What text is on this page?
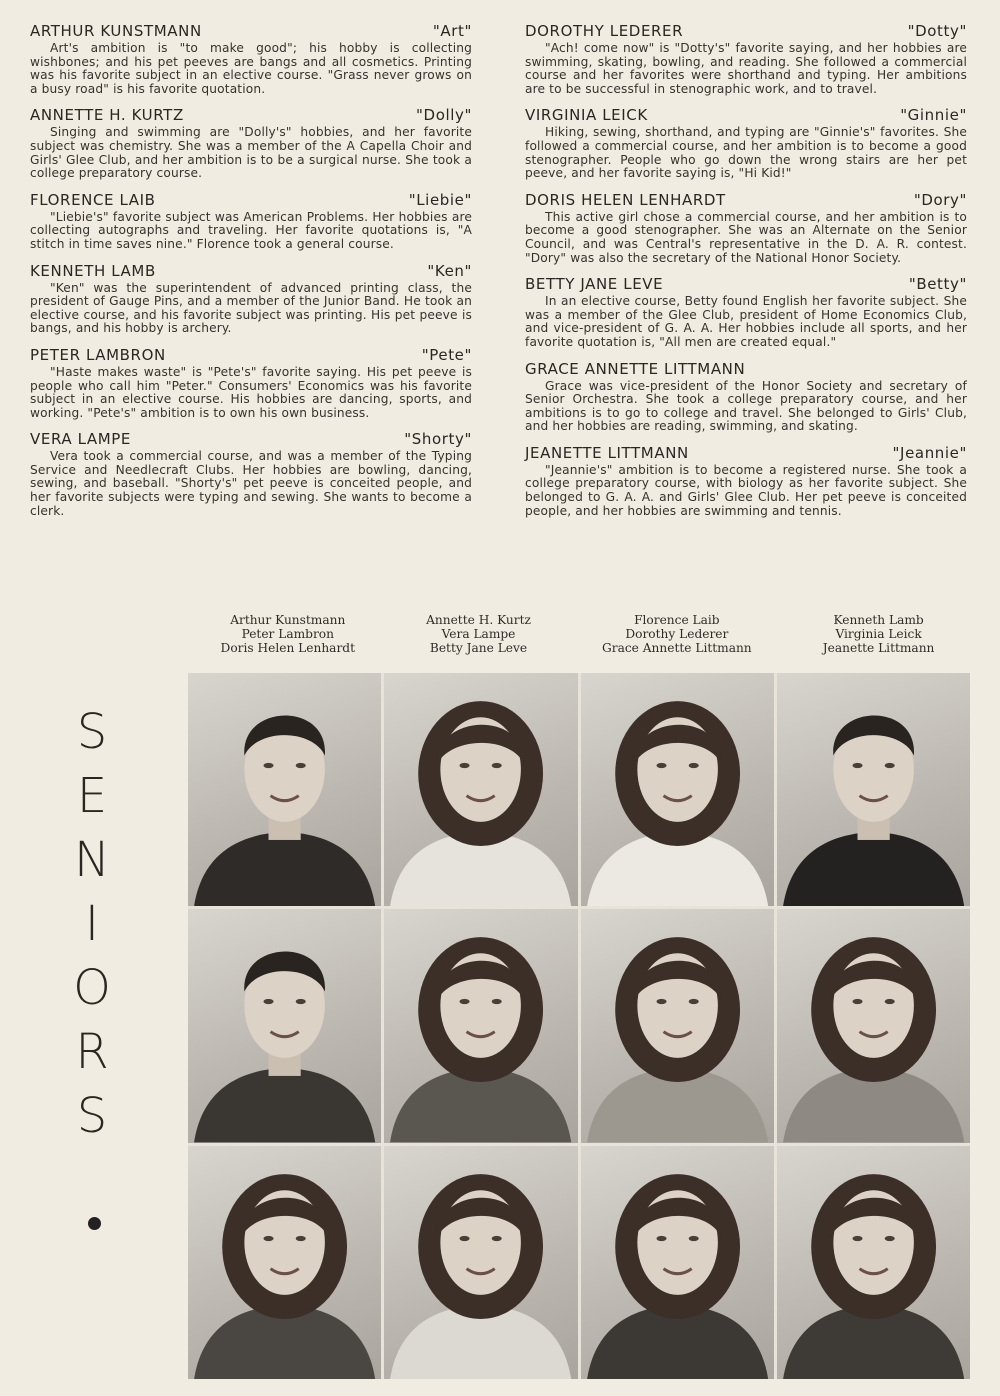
ARTHUR KUNSTMANN	"Art"

Art's ambition is "to make good"; his hobby is collecting wishbones; and his pet peeves are bangs and all cosmetics. Printing was his favorite subject in an elective course. "Grass never grows on a busy road" is his favorite quotation.

ANNETTE H. KURTZ	"Dolly"

Singing and swimming are "Dolly's" hobbies, and her favorite subject was chemistry. She was a member of the A Capella Choir and Girls' Glee Club, and her ambition is to be a surgical nurse. She took a college preparatory course.

FLORENCE LAIB	"Liebie"

"Liebie's" favorite subject was American Problems. Her hobbies are collecting autographs and traveling. Her favorite quotations is, "A stitch in time saves nine." Florence took a general course.

KENNETH LAMB	"Ken"

"Ken" was the superintendent of advanced printing class, the president of Gauge Pins, and a member of the Junior Band. He took an elective course, and his favorite subject was printing. His pet peeve is bangs, and his hobby is archery.

PETER LAMBRON	"Pete"

"Haste makes waste" is "Pete's" favorite saying. His pet peeve is people who call him "Peter." Consumers' Economics was his favorite subject in an elective course. His hobbies are dancing, sports, and working. "Pete's" ambition is to own his own business.

VERA LAMPE	"Shorty"

Vera took a commercial course, and was a member of the Typing Service and Needlecraft Clubs. Her hobbies are bowling, dancing, sewing, and baseball. "Shorty's" pet peeve is conceited people, and her favorite subjects were typing and sewing. She wants to become a clerk.

DOROTHY LEDERER	"Dotty"

"Ach! come now" is "Dotty's" favorite saying, and her hobbies are swimming, skating, bowling, and reading. She followed a commercial course and her favorites were shorthand and typing. Her ambitions are to be successful in stenographic work, and to travel.

VIRGINIA LEICK	"Ginnie"

Hiking, sewing, shorthand, and typing are "Ginnie's" favorites. She followed a commercial course, and her ambition is to become a good stenographer. People who go down the wrong stairs are her pet peeve, and her favorite saying is, "Hi Kid!"

DORIS HELEN LENHARDT	"Dory"

This active girl chose a commercial course, and her ambition is to become a good stenographer. She was an Alternate on the Senior Council, and was Central's representative in the D. A. R. contest. "Dory" was also the secretary of the National Honor Society.

BETTY JANE LEVE	"Betty"

In an elective course, Betty found English her favorite subject. She was a member of the Glee Club, president of Home Economics Club, and vice-president of G. A. A. Her hobbies include all sports, and her favorite quotation is, "All men are created equal."

GRACE ANNETTE LITTMANN

Grace was vice-president of the Honor Society and secretary of Senior Orchestra. She took a college preparatory course, and her ambitions is to go to college and travel. She belonged to Girls' Club, and her hobbies are reading, swimming, and skating.

JEANETTE LITTMANN	"Jeannie"

"Jeannie's" ambition is to become a registered nurse. She took a college preparatory course, with biology as her favorite subject. She belonged to G. A. A. and Girls' Glee Club. Her pet peeve is conceited people, and her hobbies are swimming and tennis.

Arthur Kunstmann
Peter Lambron
Doris Helen Lenhardt
Annette H. Kurtz
Vera Lampe
Betty Jane Leve
Florence Laib
Dorothy Lederer
Grace Annette Littmann
Kenneth Lamb
Virginia Leick
Jeanette Littmann
S
E
N
I
O
R
S
